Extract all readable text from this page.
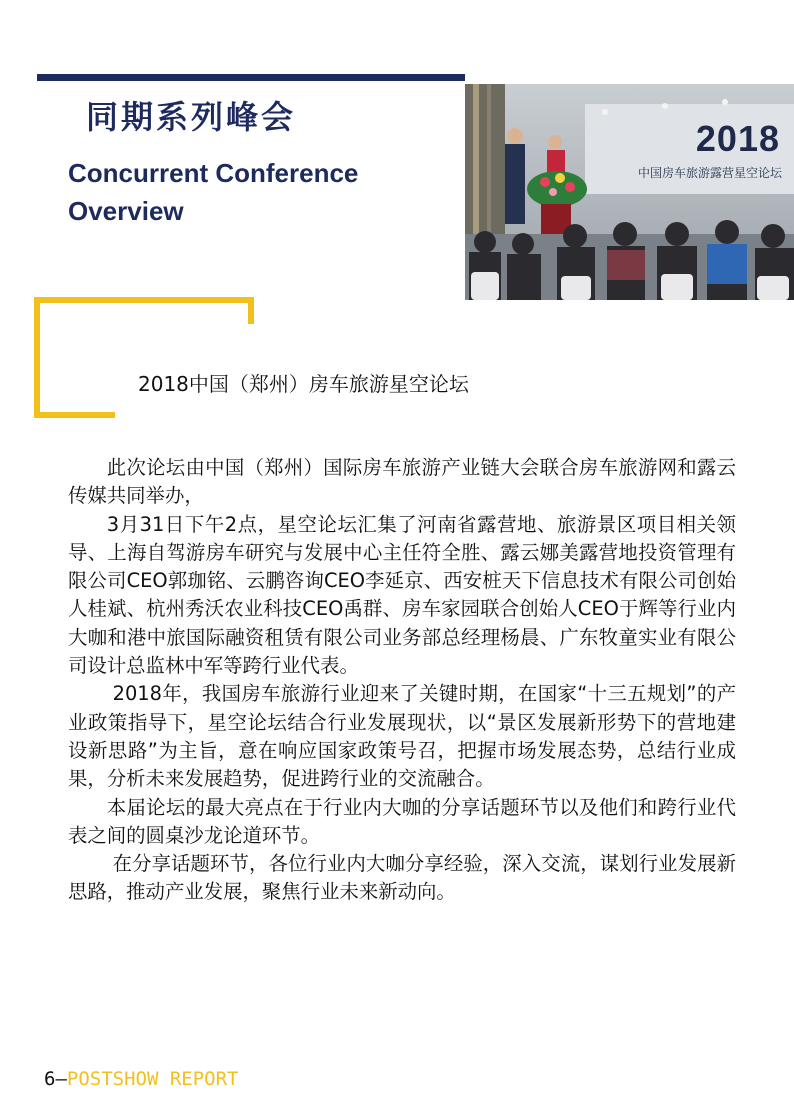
同期系列峰会
Concurrent Conference Overview
2018
中国房车旅游露营星空论坛
2018中国（郑州）房车旅游星空论坛

此次论坛由中国（郑州）国际房车旅游产业链大会联合房车旅游网和露云传媒共同举办，

3月31日下午2点，星空论坛汇集了河南省露营地、旅游景区项目相关领导、上海自驾游房车研究与发展中心主任符全胜、露云娜美露营地投资管理有限公司CEO郭珈铭、云鹏咨询CEO李延京、西安桩天下信息技术有限公司创始人桂斌、杭州秀沃农业科技CEO禹群、房车家园联合创始人CEO于辉等行业内大咖和港中旅国际融资租赁有限公司业务部总经理杨晨、广东牧童实业有限公司设计总监林中军等跨行业代表。

2018年，我国房车旅游行业迎来了关键时期，在国家“十三五规划”的产业政策指导下，星空论坛结合行业发展现状，以“景区发展新形势下的营地建设新思路”为主旨，意在响应国家政策号召，把握市场发展态势，总结行业成果，分析未来发展趋势，促进跨行业的交流融合。

本届论坛的最大亮点在于行业内大咖的分享话题环节以及他们和跨行业代表之间的圆桌沙龙论道环节。

在分享话题环节，各位行业内大咖分享经验，深入交流，谋划行业发展新思路，推动产业发展，聚焦行业未来新动向。

6—POSTSHOW REPORT
